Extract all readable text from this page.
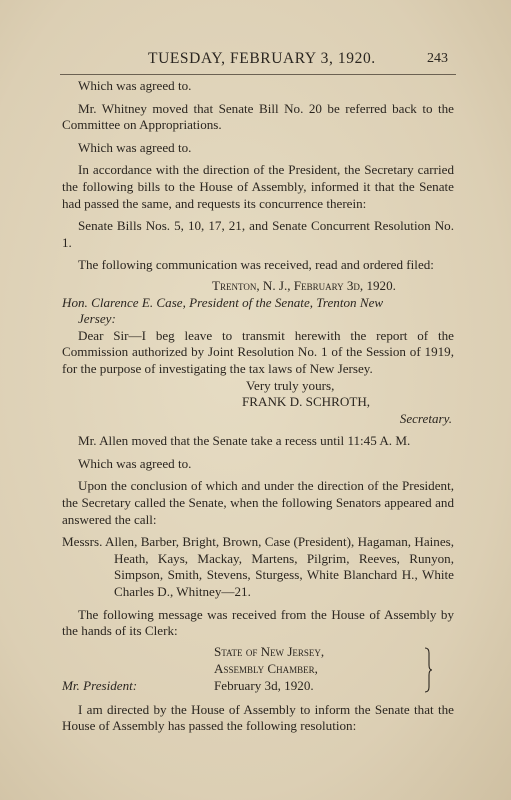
TUESDAY, FEBRUARY 3, 1920.	243

Which was agreed to.

Mr. Whitney moved that Senate Bill No. 20 be referred back to the Committee on Appropriations.

Which was agreed to.

In accordance with the direction of the President, the Secretary carried the following bills to the House of Assembly, informed it that the Senate had passed the same, and requests its concurrence therein:

Senate Bills Nos. 5, 10, 17, 21, and Senate Concurrent Resolution No. 1.

The following communication was received, read and ordered filed:

Trenton, N. J., February 3d, 1920.

Hon. Clarence E. Case, President of the Senate, Trenton New
Jersey:

Dear Sir—I beg leave to transmit herewith the report of the Commission authorized by Joint Resolution No. 1 of the Session of 1919, for the purpose of investigating the tax laws of New Jersey.

Very truly yours,

FRANK D. SCHROTH,

Secretary.

Mr. Allen moved that the Senate take a recess until 11:45 A. M.

Which was agreed to.

Upon the conclusion of which and under the direction of the President, the Secretary called the Senate, when the following Senators appeared and answered the call:

Messrs. Allen, Barber, Bright, Brown, Case (President), Hagaman, Haines, Heath, Kays, Mackay, Martens, Pilgrim, Reeves, Runyon, Simpson, Smith, Stevens, Sturgess, White Blanchard H., White Charles D., Whitney—21.

The following message was received from the House of Assembly by the hands of its Clerk:

State of New Jersey,
Assembly Chamber,
February 3d, 1920.
Mr. President:

I am directed by the House of Assembly to inform the Senate that the House of Assembly has passed the following resolution:
